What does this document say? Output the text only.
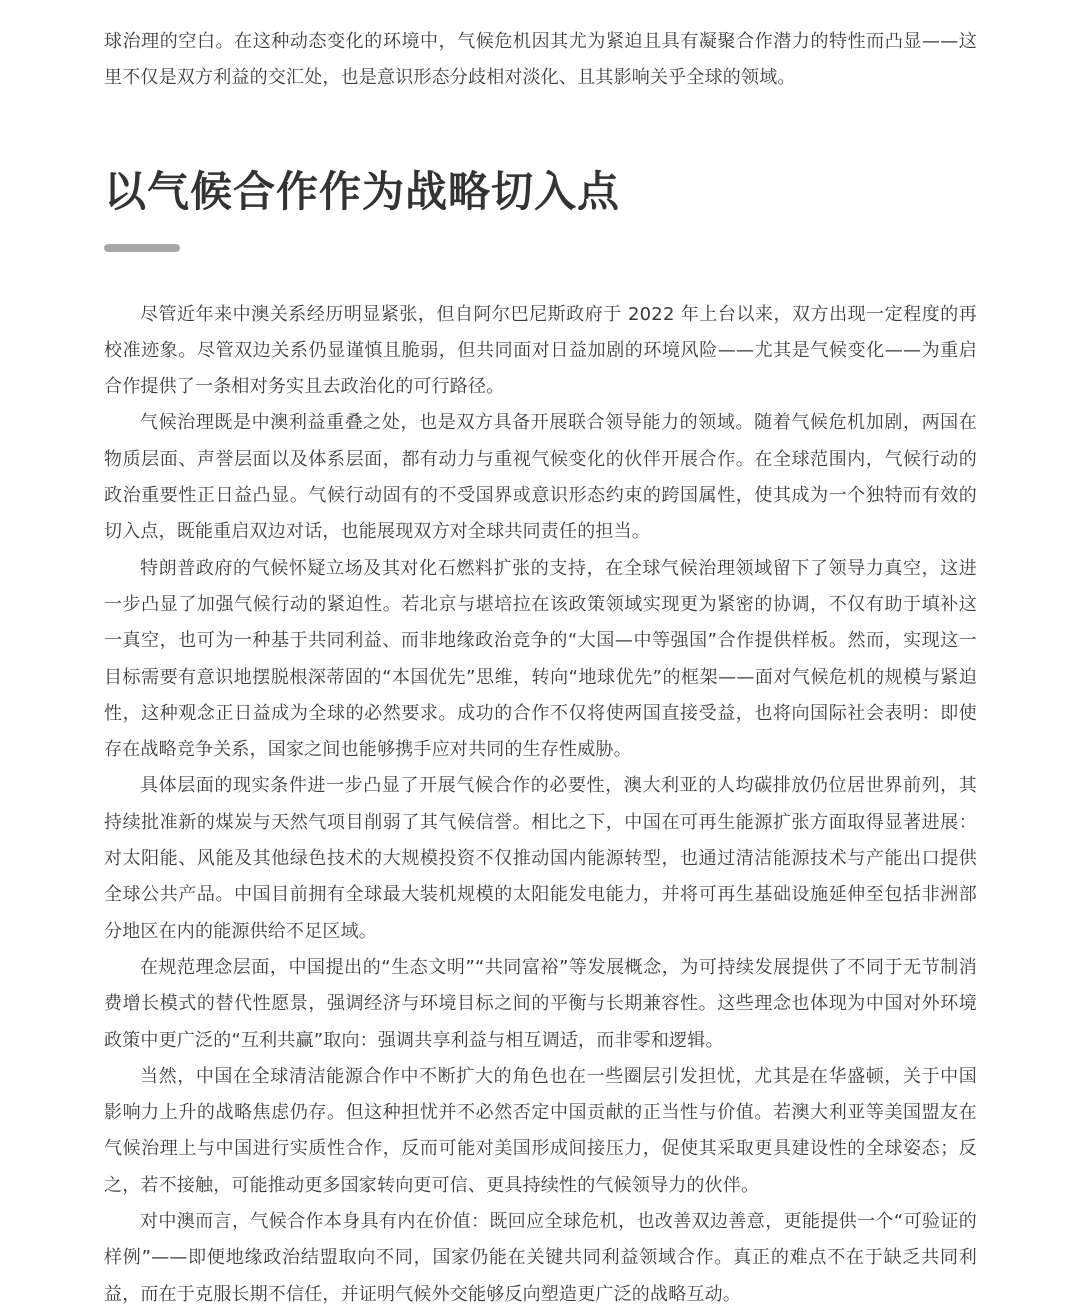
球治理的空白。在这种动态变化的环境中，气候危机因其尤为紧迫且具有凝聚合作潜力的特性而凸显——这里不仅是双方利益的交汇处，也是意识形态分歧相对淡化、且其影响关乎全球的领域。

以气候合作作为战略切入点

尽管近年来中澳关系经历明显紧张，但自阿尔巴尼斯政府于 2022 年上台以来，双方出现一定程度的再校准迹象。尽管双边关系仍显谨慎且脆弱，但共同面对日益加剧的环境风险——尤其是气候变化——为重启合作提供了一条相对务实且去政治化的可行路径。

气候治理既是中澳利益重叠之处，也是双方具备开展联合领导能力的领域。随着气候危机加剧，两国在物质层面、声誉层面以及体系层面，都有动力与重视气候变化的伙伴开展合作。在全球范围内，气候行动的政治重要性正日益凸显。气候行动固有的不受国界或意识形态约束的跨国属性，使其成为一个独特而有效的切入点，既能重启双边对话，也能展现双方对全球共同责任的担当。

特朗普政府的气候怀疑立场及其对化石燃料扩张的支持，在全球气候治理领域留下了领导力真空，这进一步凸显了加强气候行动的紧迫性。若北京与堪培拉在该政策领域实现更为紧密的协调，不仅有助于填补这一真空，也可为一种基于共同利益、而非地缘政治竞争的“大国—中等强国”合作提供样板。然而，实现这一目标需要有意识地摆脱根深蒂固的“本国优先”思维，转向“地球优先”的框架——面对气候危机的规模与紧迫性，这种观念正日益成为全球的必然要求。成功的合作不仅将使两国直接受益，也将向国际社会表明：即使存在战略竞争关系，国家之间也能够携手应对共同的生存性威胁。

具体层面的现实条件进一步凸显了开展气候合作的必要性，澳大利亚的人均碳排放仍位居世界前列，其持续批准新的煤炭与天然气项目削弱了其气候信誉。相比之下，中国在可再生能源扩张方面取得显著进展：对太阳能、风能及其他绿色技术的大规模投资不仅推动国内能源转型，也通过清洁能源技术与产能出口提供全球公共产品。中国目前拥有全球最大装机规模的太阳能发电能力，并将可再生基础设施延伸至包括非洲部分地区在内的能源供给不足区域。

在规范理念层面，中国提出的“生态文明”“共同富裕”等发展概念，为可持续发展提供了不同于无节制消费增长模式的替代性愿景，强调经济与环境目标之间的平衡与长期兼容性。这些理念也体现为中国对外环境政策中更广泛的“互利共赢”取向：强调共享利益与相互调适，而非零和逻辑。

当然，中国在全球清洁能源合作中不断扩大的角色也在一些圈层引发担忧，尤其是在华盛顿，关于中国影响力上升的战略焦虑仍存。但这种担忧并不必然否定中国贡献的正当性与价值。若澳大利亚等美国盟友在气候治理上与中国进行实质性合作，反而可能对美国形成间接压力，促使其采取更具建设性的全球姿态；反之，若不接触，可能推动更多国家转向更可信、更具持续性的气候领导力的伙伴。

对中澳而言，气候合作本身具有内在价值：既回应全球危机，也改善双边善意，更能提供一个“可验证的样例”——即便地缘政治结盟取向不同，国家仍能在关键共同利益领域合作。真正的难点不在于缺乏共同利益，而在于克服长期不信任，并证明气候外交能够反向塑造更广泛的战略互动。
